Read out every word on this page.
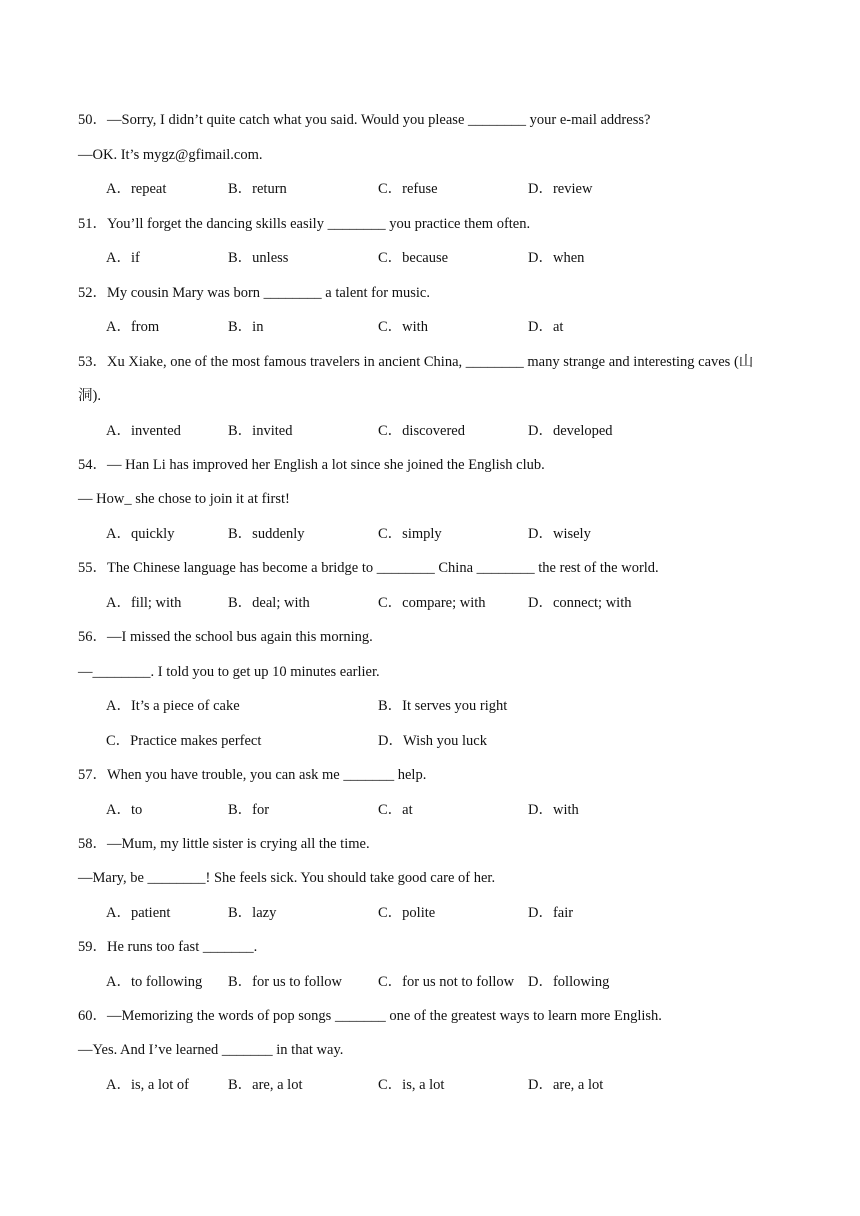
50．—Sorry, I didn’t quite catch what you said. Would you please ________ your e-mail address?
—OK. It’s mygz@gfimail.com.
A．repeat	B．return	C．refuse	D．review
51．You’ll forget the dancing skills easily ________ you practice them often.
A．if	B．unless	C．because	D．when
52．My cousin Mary was born ________ a talent for music.
A．from	B．in	C．with	D．at
53．Xu Xiake, one of the most famous travelers in ancient China, ________ many strange and interesting caves (山
洞).
A．invented	B．invited	C．discovered	D．developed
54．— Han Li has improved her English a lot since she joined the English club.
— How_ she chose to join it at first!
A．quickly	B．suddenly	C．simply	D．wisely
55．The Chinese language has become a bridge to ________ China ________ the rest of the world.
A．fill; with	B．deal; with	C．compare; with	D．connect; with
56．—I missed the school bus again this morning.
—________. I told you to get up 10 minutes earlier.
A．It’s a piece of cake	B．It serves you right
C．Practice makes perfect	D．Wish you luck
57．When you have trouble, you can ask me _______ help.
A．to	B．for	C．at	D．with
58．—Mum, my little sister is crying all the time.
—Mary, be ________! She feels sick. You should take good care of her.
A．patient	B．lazy	C．polite	D．fair
59．He runs too fast _______.
A．to following B．for us to follow C．for us not to follow D．following
60．—Memorizing the words of pop songs _______ one of the greatest ways to learn more English.
—Yes. And I’ve learned _______ in that way.
A．is, a lot of	B．are, a lot	C．is, a lot	D．are, a lot
